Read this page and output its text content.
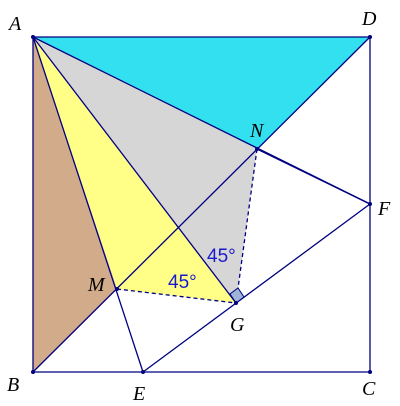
A	D
N
F
M
G
B	E	C
45°
45°
